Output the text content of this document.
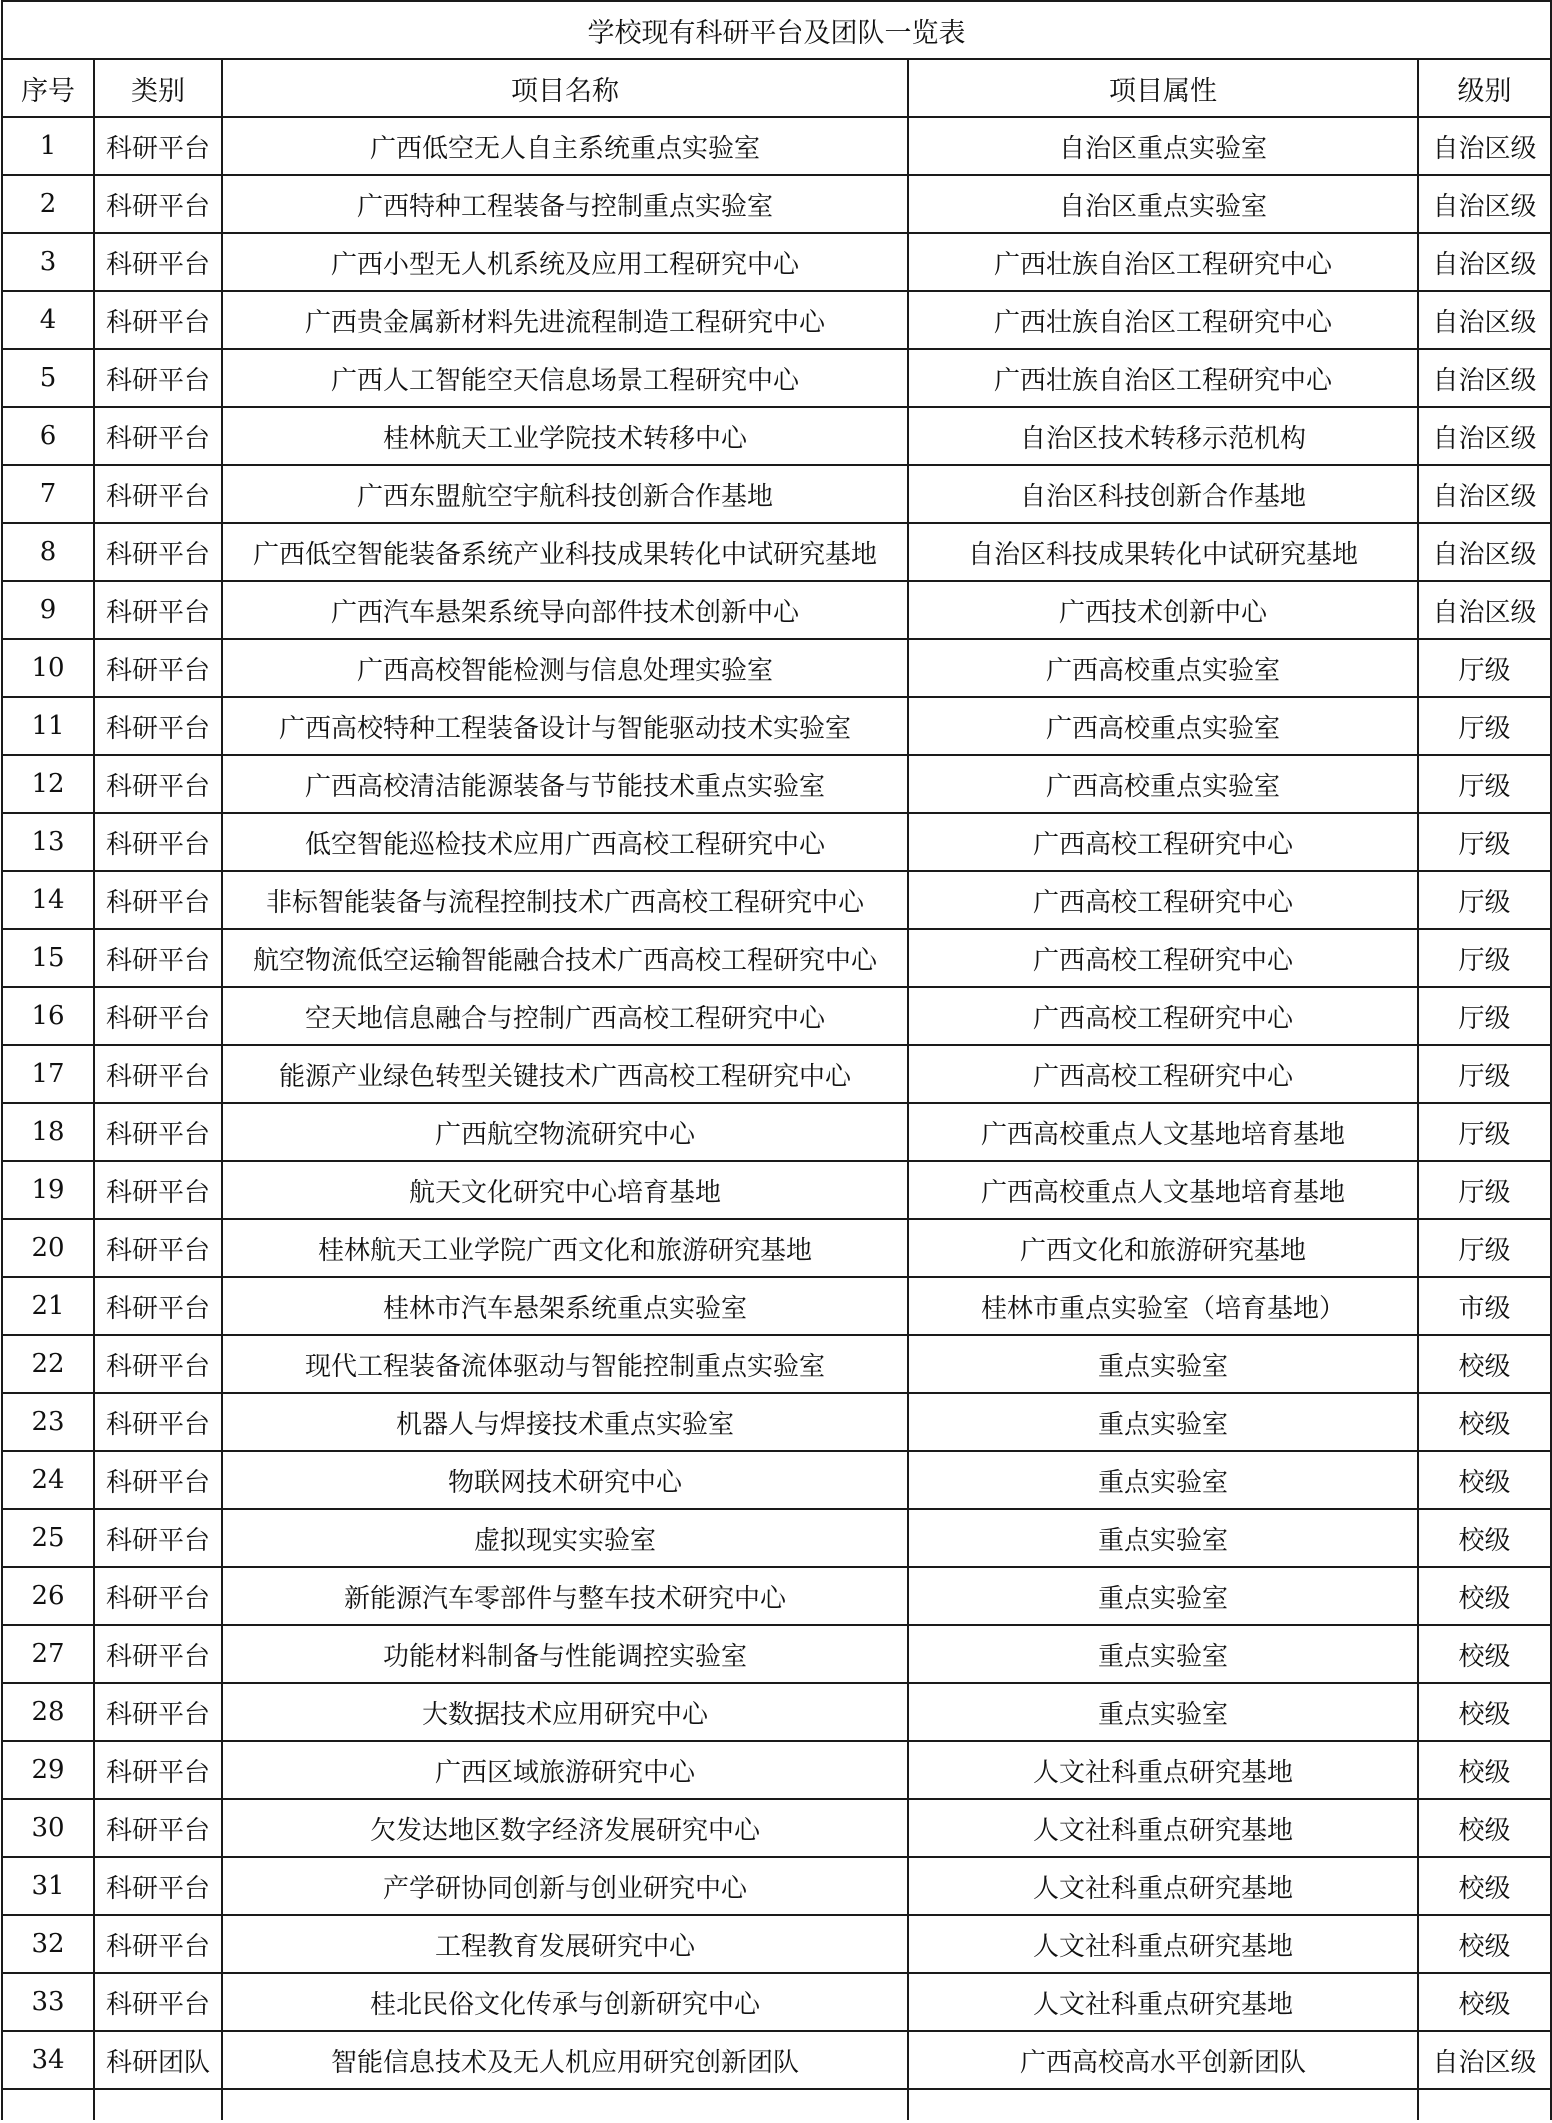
学校现有科研平台及团队一览表				
序号	类别	项目名称	项目属性	级别
1	科研平台	广西低空无人自主系统重点实验室	自治区重点实验室	自治区级
2	科研平台	广西特种工程装备与控制重点实验室	自治区重点实验室	自治区级
3	科研平台	广西小型无人机系统及应用工程研究中心	广西壮族自治区工程研究中心	自治区级
4	科研平台	广西贵金属新材料先进流程制造工程研究中心	广西壮族自治区工程研究中心	自治区级
5	科研平台	广西人工智能空天信息场景工程研究中心	广西壮族自治区工程研究中心	自治区级
6	科研平台	桂林航天工业学院技术转移中心	自治区技术转移示范机构	自治区级
7	科研平台	广西东盟航空宇航科技创新合作基地	自治区科技创新合作基地	自治区级
8	科研平台	广西低空智能装备系统产业科技成果转化中试研究基地	自治区科技成果转化中试研究基地	自治区级
9	科研平台	广西汽车悬架系统导向部件技术创新中心	广西技术创新中心	自治区级
10	科研平台	广西高校智能检测与信息处理实验室	广西高校重点实验室	厅级
11	科研平台	广西高校特种工程装备设计与智能驱动技术实验室	广西高校重点实验室	厅级
12	科研平台	广西高校清洁能源装备与节能技术重点实验室	广西高校重点实验室	厅级
13	科研平台	低空智能巡检技术应用广西高校工程研究中心	广西高校工程研究中心	厅级
14	科研平台	非标智能装备与流程控制技术广西高校工程研究中心	广西高校工程研究中心	厅级
15	科研平台	航空物流低空运输智能融合技术广西高校工程研究中心	广西高校工程研究中心	厅级
16	科研平台	空天地信息融合与控制广西高校工程研究中心	广西高校工程研究中心	厅级
17	科研平台	能源产业绿色转型关键技术广西高校工程研究中心	广西高校工程研究中心	厅级
18	科研平台	广西航空物流研究中心	广西高校重点人文基地培育基地	厅级
19	科研平台	航天文化研究中心培育基地	广西高校重点人文基地培育基地	厅级
20	科研平台	桂林航天工业学院广西文化和旅游研究基地	广西文化和旅游研究基地	厅级
21	科研平台	桂林市汽车悬架系统重点实验室	桂林市重点实验室（培育基地）	市级
22	科研平台	现代工程装备流体驱动与智能控制重点实验室	重点实验室	校级
23	科研平台	机器人与焊接技术重点实验室	重点实验室	校级
24	科研平台	物联网技术研究中心	重点实验室	校级
25	科研平台	虚拟现实实验室	重点实验室	校级
26	科研平台	新能源汽车零部件与整车技术研究中心	重点实验室	校级
27	科研平台	功能材料制备与性能调控实验室	重点实验室	校级
28	科研平台	大数据技术应用研究中心	重点实验室	校级
29	科研平台	广西区域旅游研究中心	人文社科重点研究基地	校级
30	科研平台	欠发达地区数字经济发展研究中心	人文社科重点研究基地	校级
31	科研平台	产学研协同创新与创业研究中心	人文社科重点研究基地	校级
32	科研平台	工程教育发展研究中心	人文社科重点研究基地	校级
33	科研平台	桂北民俗文化传承与创新研究中心	人文社科重点研究基地	校级
34	科研团队	智能信息技术及无人机应用研究创新团队	广西高校高水平创新团队	自治区级
